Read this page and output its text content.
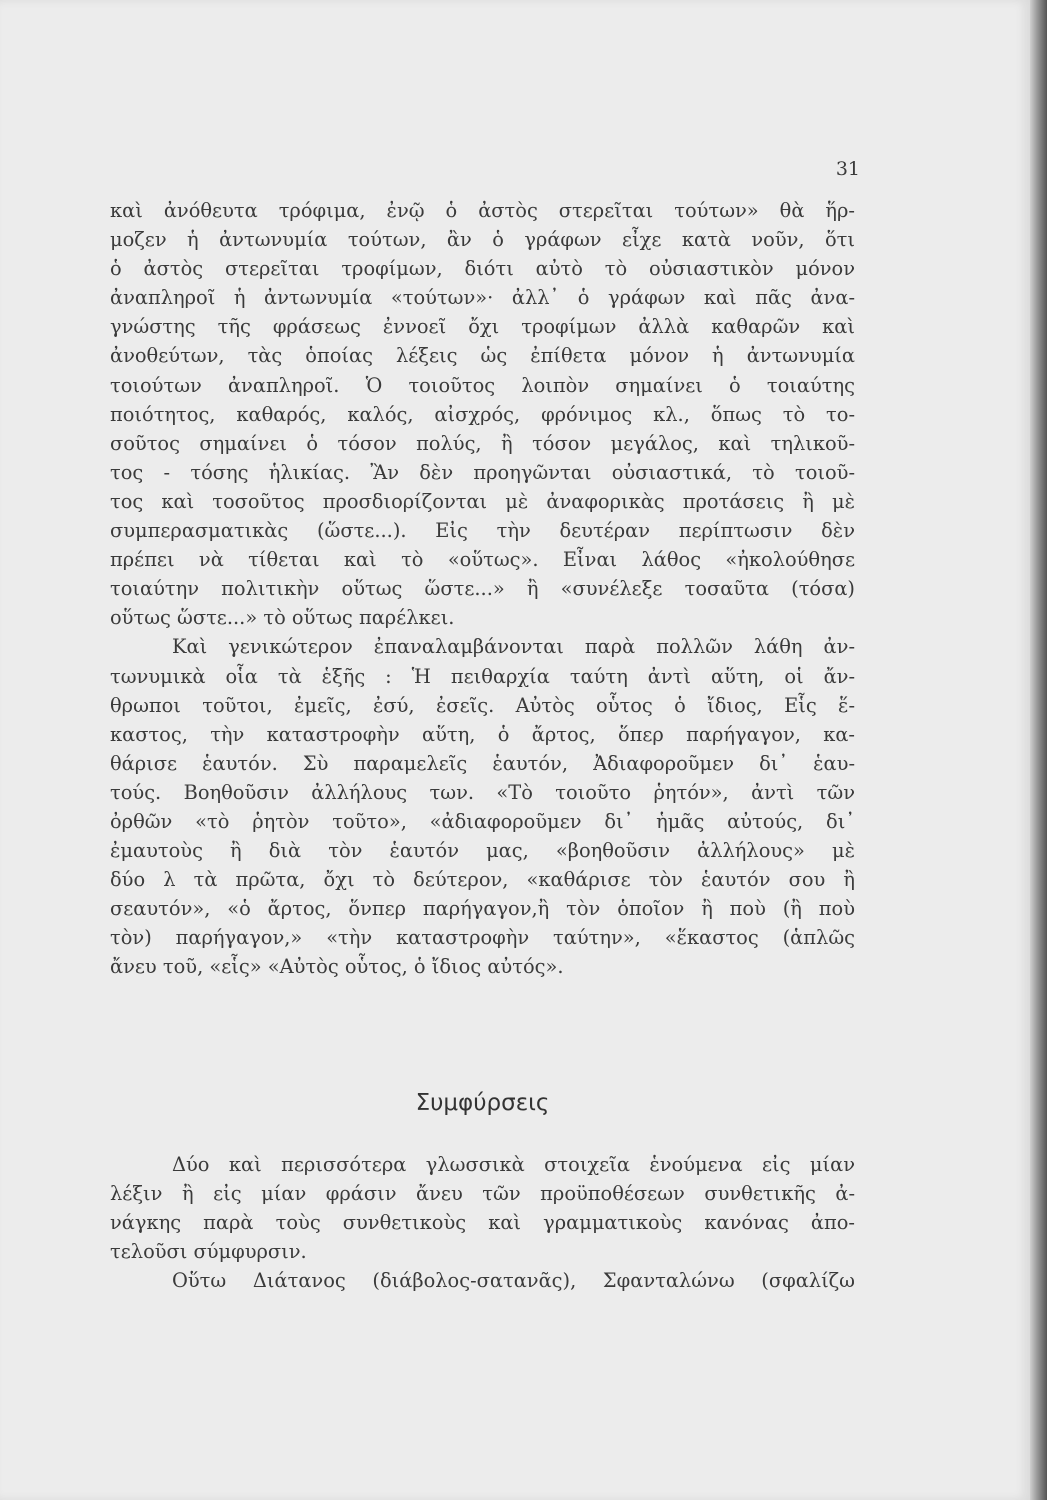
31
καὶ ἀνόθευτα τρόφιμα, ἐνῷ ὁ ἀστὸς στερεῖται τούτων» θὰ ἥρ-
μοζεν ἡ ἀντωνυμία τούτων, ἂν ὁ γράφων εἶχε κατὰ νοῦν, ὅτι
ὁ ἀστὸς στερεῖται τροφίμων, διότι αὐτὸ τὸ οὐσιαστικὸν μόνον
ἀναπληροῖ ἡ ἀντωνυμία «τούτων»· ἀλλ᾽ ὁ γράφων καὶ πᾶς ἀνα-
γνώστης τῆς φράσεως ἐννοεῖ ὄχι τροφίμων ἀλλὰ καθαρῶν καὶ
ἀνοθεύτων, τὰς ὁποίας λέξεις ὡς ἐπίθετα μόνον ἡ ἀντωνυμία
τοιούτων ἀναπληροῖ. Ὁ τοιοῦτος λοιπὸν σημαίνει ὁ τοιαύτης
ποιότητος, καθαρός, καλός, αἰσχρός, φρόνιμος κλ., ὅπως τὸ το-
σοῦτος σημαίνει ὁ τόσον πολύς, ἢ τόσον μεγάλος, καὶ τηλικοῦ-
τος - τόσης ἡλικίας. Ἂν δὲν προηγῶνται οὐσιαστικά, τὸ τοιοῦ-
τος καὶ τοσοῦτος προσδιορίζονται μὲ ἀναφορικὰς προτάσεις ἢ μὲ
συμπερασματικὰς (ὥστε...). Εἰς τὴν δευτέραν περίπτωσιν δὲν
πρέπει νὰ τίθεται καὶ τὸ «οὕτως». Εἶναι λάθος «ἠκολούθησε
τοιαύτην πολιτικὴν οὕτως ὥστε...» ἢ «συνέλεξε τοσαῦτα (τόσα)
οὕτως ὥστε...» τὸ οὕτως παρέλκει.
Καὶ γενικώτερον ἐπαναλαμβάνονται παρὰ πολλῶν λάθη ἀν-
τωνυμικὰ οἷα τὰ ἑξῆς : Ἡ πειθαρχία ταύτη ἀντὶ αὕτη, οἱ ἄν-
θρωποι τοῦτοι, ἐμεῖς, ἐσύ, ἐσεῖς. Αὐτὸς οὗτος ὁ ἴδιος, Εἷς ἕ-
καστος, τὴν καταστροφὴν αὕτη, ὁ ἄρτος, ὅπερ παρήγαγον, κα-
θάρισε ἑαυτόν. Σὺ παραμελεῖς ἑαυτόν, Ἀδιαφοροῦμεν δι᾽ ἑαυ-
τούς. Βοηθοῦσιν ἀλλήλους των. «Τὸ τοιοῦτο ῥητόν», ἀντὶ τῶν
ὀρθῶν «τὸ ῥητὸν τοῦτο», «ἀδιαφοροῦμεν δι᾽ ἡμᾶς αὐτούς, δι᾽
ἐμαυτοὺς ἢ διὰ τὸν ἑαυτόν μας, «βοηθοῦσιν ἀλλήλους» μὲ
δύο λ τὰ πρῶτα, ὄχι τὸ δεύτερον, «καθάρισε τὸν ἑαυτόν σου ἢ
σεαυτόν», «ὁ ἄρτος, ὅνπερ παρήγαγον,ἢ τὸν ὁποῖον ἢ ποὺ (ἢ ποὺ
τὸν) παρήγαγον,» «τὴν καταστροφὴν ταύτην», «ἕκαστος (ἁπλῶς
ἄνευ τοῦ, «εἷς» «Αὐτὸς οὗτος, ὁ ἴδιος αὐτός».
Συμφύρσεις
Δύο καὶ περισσότερα γλωσσικὰ στοιχεῖα ἑνούμενα εἰς μίαν
λέξιν ἢ εἰς μίαν φράσιν ἄνευ τῶν προϋποθέσεων συνθετικῆς ἀ-
νάγκης παρὰ τοὺς συνθετικοὺς καὶ γραμματικοὺς κανόνας ἀπο-
τελοῦσι σύμφυρσιν.
Οὕτω Διάτανος (διάβολος-σατανᾶς), Σφανταλώνω (σφαλίζω
